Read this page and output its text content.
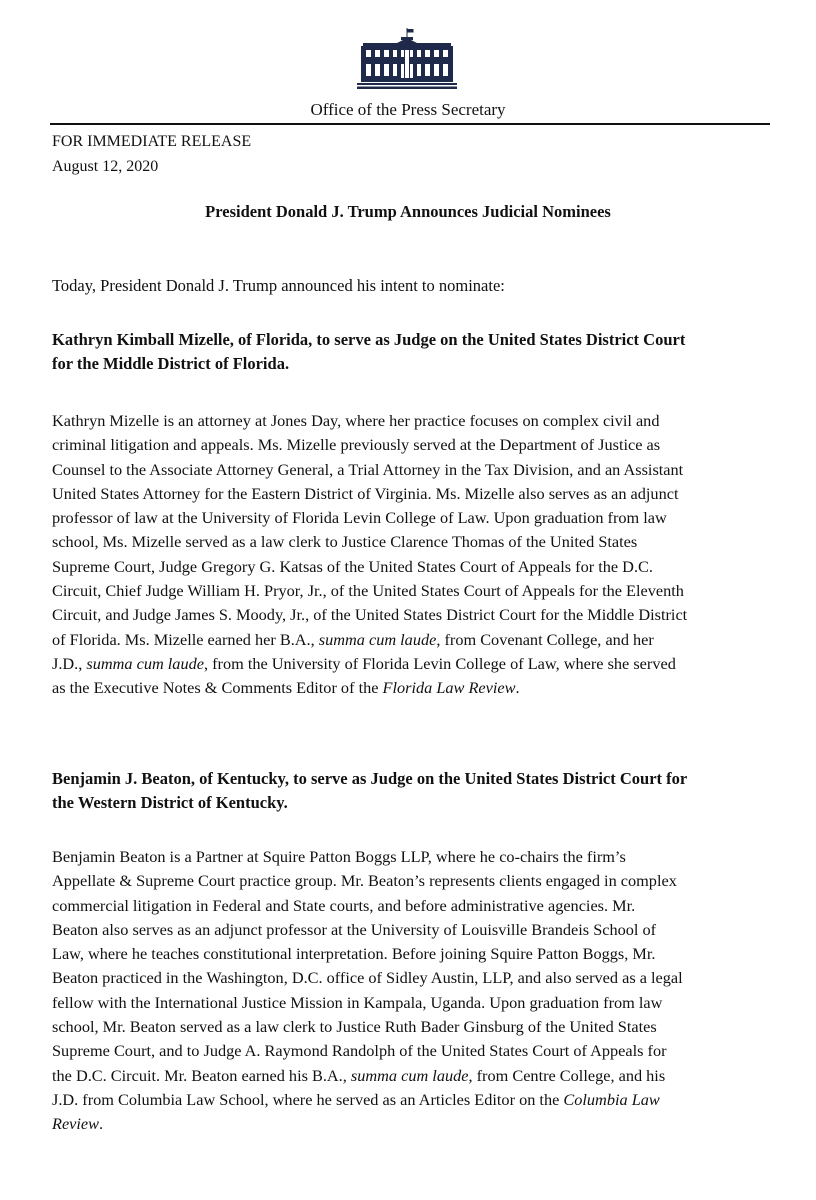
Office of the Press Secretary
FOR IMMEDIATE RELEASE
August 12, 2020
President Donald J. Trump Announces Judicial Nominees
Today, President Donald J. Trump announced his intent to nominate:
Kathryn Kimball Mizelle, of Florida, to serve as Judge on the United States District Court
for the Middle District of Florida.
Kathryn Mizelle is an attorney at Jones Day, where her practice focuses on complex civil and
criminal litigation and appeals. Ms. Mizelle previously served at the Department of Justice as
Counsel to the Associate Attorney General, a Trial Attorney in the Tax Division, and an Assistant
United States Attorney for the Eastern District of Virginia. Ms. Mizelle also serves as an adjunct
professor of law at the University of Florida Levin College of Law. Upon graduation from law
school, Ms. Mizelle served as a law clerk to Justice Clarence Thomas of the United States
Supreme Court, Judge Gregory G. Katsas of the United States Court of Appeals for the D.C.
Circuit, Chief Judge William H. Pryor, Jr., of the United States Court of Appeals for the Eleventh
Circuit, and Judge James S. Moody, Jr., of the United States District Court for the Middle District
of Florida. Ms. Mizelle earned her B.A., summa cum laude, from Covenant College, and her
J.D., summa cum laude, from the University of Florida Levin College of Law, where she served
as the Executive Notes & Comments Editor of the Florida Law Review.
Benjamin J. Beaton, of Kentucky, to serve as Judge on the United States District Court for
the Western District of Kentucky.
Benjamin Beaton is a Partner at Squire Patton Boggs LLP, where he co-chairs the firm’s
Appellate & Supreme Court practice group. Mr. Beaton’s represents clients engaged in complex
commercial litigation in Federal and State courts, and before administrative agencies. Mr.
Beaton also serves as an adjunct professor at the University of Louisville Brandeis School of
Law, where he teaches constitutional interpretation. Before joining Squire Patton Boggs, Mr.
Beaton practiced in the Washington, D.C. office of Sidley Austin, LLP, and also served as a legal
fellow with the International Justice Mission in Kampala, Uganda. Upon graduation from law
school, Mr. Beaton served as a law clerk to Justice Ruth Bader Ginsburg of the United States
Supreme Court, and to Judge A. Raymond Randolph of the United States Court of Appeals for
the D.C. Circuit. Mr. Beaton earned his B.A., summa cum laude, from Centre College, and his
J.D. from Columbia Law School, where he served as an Articles Editor on the Columbia Law
Review.
